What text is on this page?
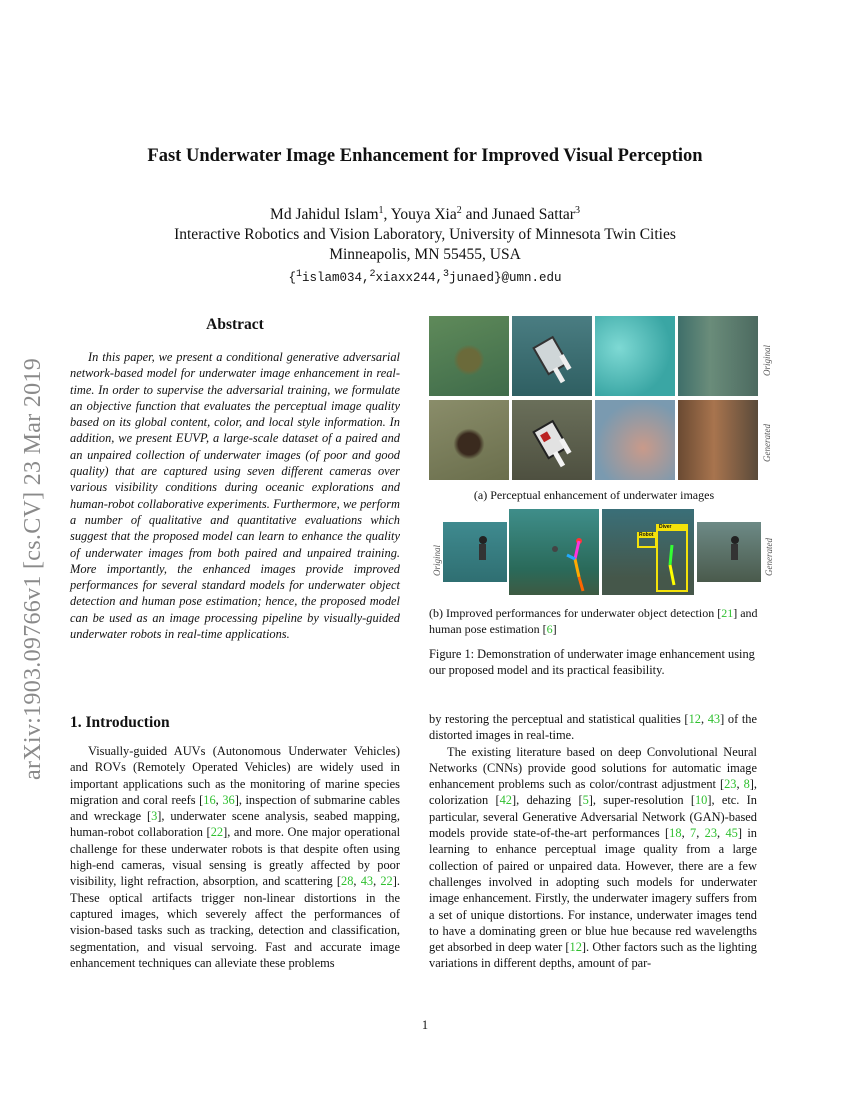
arXiv:1903.09766v1 [cs.CV] 23 Mar 2019
Fast Underwater Image Enhancement for Improved Visual Perception
Md Jahidul Islam$^1$, Youya Xia$^2$ and Junaed Sattar$^3$
Interactive Robotics and Vision Laboratory, University of Minnesota Twin Cities
Minneapolis, MN 55455, USA
{$^1$islam034,$^2$xiaxx244,$^3$junaed}@umn.edu
Abstract

In this paper, we present a conditional generative adversarial network-based model for underwater image enhancement in real-time. In order to supervise the adversarial training, we formulate an objective function that evaluates the perceptual image quality based on its global content, color, and local style information. In addition, we present EUVP, a large-scale dataset of a paired and an unpaired collection of underwater images (of poor and good quality) that are captured using seven different cameras over various visibility conditions during oceanic explorations and human-robot collaborative experiments. Furthermore, we perform a number of qualitative and quantitative evaluations which suggest that the proposed model can learn to enhance the quality of underwater images from both paired and unpaired training. More importantly, the enhanced images provide improved performances for several standard models for underwater object detection and human pose estimation; hence, the proposed model can be used as an image processing pipeline by visually-guided underwater robots in real-time applications.

Original
Generated
(a) Perceptual enhancement of underwater images
Original
Robot
Diver
Generated
(b) Improved performances for underwater object detection [21] and human pose estimation [6]
Figure 1: Demonstration of underwater image enhancement using our proposed model and its practical feasibility.
1. Introduction

Visually-guided AUVs (Autonomous Underwater Vehicles) and ROVs (Remotely Operated Vehicles) are widely used in important applications such as the monitoring of marine species migration and coral reefs [16, 36], inspection of submarine cables and wreckage [3], underwater scene analysis, seabed mapping, human-robot collaboration [22], and more. One major operational challenge for these underwater robots is that despite often using high-end cameras, visual sensing is greatly affected by poor visibility, light refraction, absorption, and scattering [28, 43, 22]. These optical artifacts trigger non-linear distortions in the captured images, which severely affect the performances of vision-based tasks such as tracking, detection and classification, segmentation, and visual servoing. Fast and accurate image enhancement techniques can alleviate these problems

by restoring the perceptual and statistical qualities [12, 43] of the distorted images in real-time.

The existing literature based on deep Convolutional Neural Networks (CNNs) provide good solutions for automatic image enhancement problems such as color/contrast adjustment [23, 8], colorization [42], dehazing [5], super-resolution [10], etc. In particular, several Generative Adversarial Network (GAN)-based models provide state-of-the-art performances [18, 7, 23, 45] in learning to enhance perceptual image quality from a large collection of paired or unpaired data. However, there are a few challenges involved in adopting such models for underwater image enhancement. Firstly, the underwater imagery suffers from a set of unique distortions. For instance, underwater images tend to have a dominating green or blue hue because red wavelengths get absorbed in deep water [12]. Other factors such as the lighting variations in different depths, amount of par-

1
